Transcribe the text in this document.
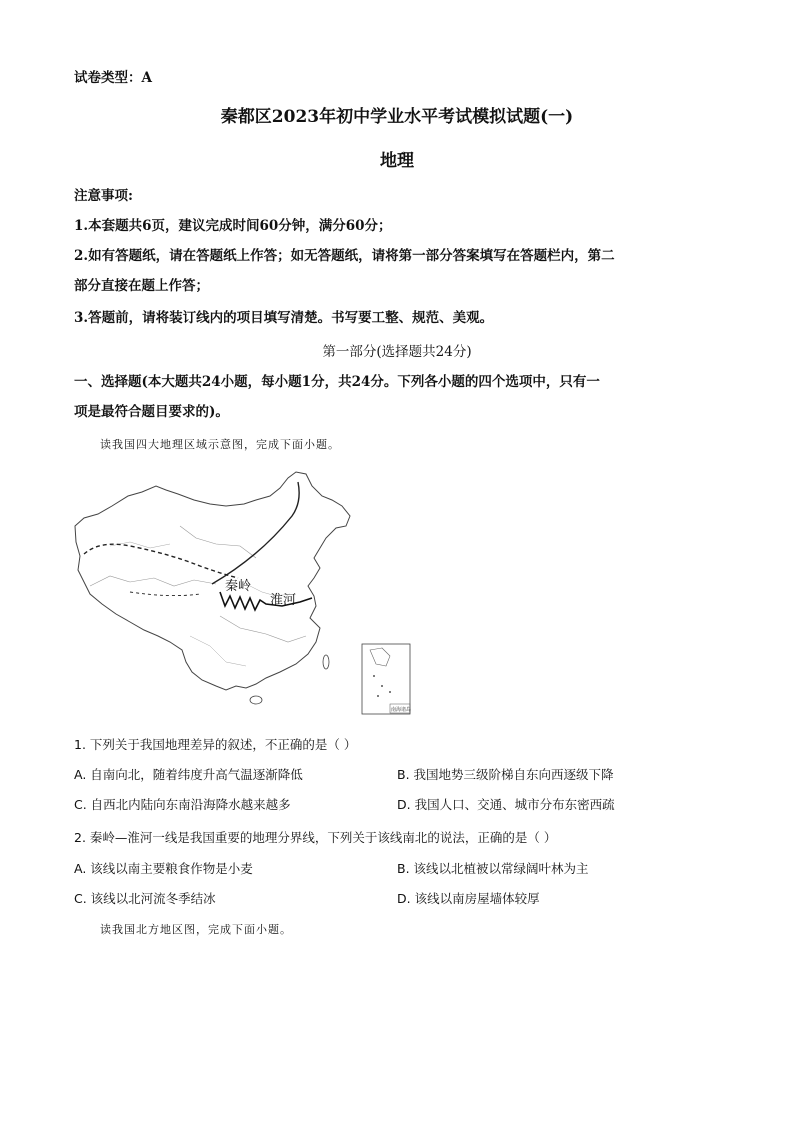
试卷类型：A
秦都区2023年初中学业水平考试模拟试题(一)
地理
注意事项:
1.本套题共6页，建议完成时间60分钟，满分60分；
2.如有答题纸，请在答题纸上作答；如无答题纸，请将第一部分答案填写在答题栏内，第二
部分直接在题上作答；
3.答题前，请将装订线内的项目填写清楚。书写要工整、规范、美观。
第一部分(选择题共24分)
一、选择题(本大题共24小题，每小题1分，共24分。下列各小题的四个选项中，只有一
项是最符合题目要求的)。
读我国四大地理区域示意图，完成下面小题。
秦岭
淮河
南海诸岛
1. 下列关于我国地理差异的叙述，不正确的是（ ）
A. 自南向北，随着纬度升高气温逐渐降低	B. 我国地势三级阶梯自东向西逐级下降
C. 自西北内陆向东南沿海降水越来越多	D. 我国人口、交通、城市分布东密西疏
2. 秦岭—淮河一线是我国重要的地理分界线，下列关于该线南北的说法，正确的是（ ）
A. 该线以南主要粮食作物是小麦	B. 该线以北植被以常绿阔叶林为主
C. 该线以北河流冬季结冰	D. 该线以南房屋墙体较厚
读我国北方地区图，完成下面小题。
